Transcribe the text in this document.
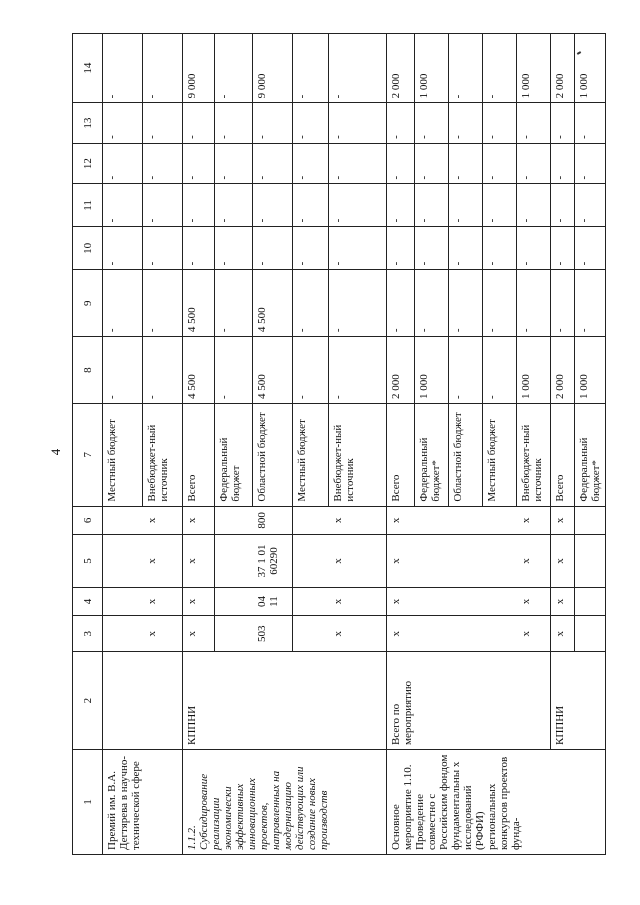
4
1	2	3	4	5	6	7	8	9	10	11	12	13	14
Премий им. В.А. Дегтярева в научно-технической сфере						Местный бюджет	-	-	-	-	-	-	-
		x	x	x	x	Внебюджет-ный источник	-	-	-	-	-	-	-
1.1.2. Субсидирование реализации экономически эффективных инновационных проектов, направленных на модернизацию действующих или создание новых производств	КППНИ	x	x	x	x	Всего	4 500	4 500	-	-	-	-	9 000
						Федеральный бюджет	-	-	-	-	-	-	-
		503	04 11	37 1 01 60290	800	Областной бюджет	4 500	4 500	-	-	-	-	9 000
						Местный бюджет	-	-	-	-	-	-	-
		x	x	x	x	Внебюджет-ный источник	-	-	-	-	-	-	-
Основное мероприятие 1.10. Проведение совместно с Российским фондом фундаментальны х исследований (РФФИ) региональных конкурсов проектов фунда-	Всего по мероприятию	x	x	x	x	Всего	2 000	-	-	-	-	-	2 000
						Федеральный бюджет*	1 000	-	-	-	-	-	1 000
						Областной бюджет	-	-	-	-	-	-	-
						Местный бюджет	-	-	-	-	-	-	-
		x	x	x	x	Внебюджет-ный источник	1 000	-	-	-	-	-	1 000
	КППНИ	x	x	x	x	Всего	2 000	-	-	-	-	-	2 000
						Федеральный бюджет*	1 000	-	-	-	-	-	1 000
